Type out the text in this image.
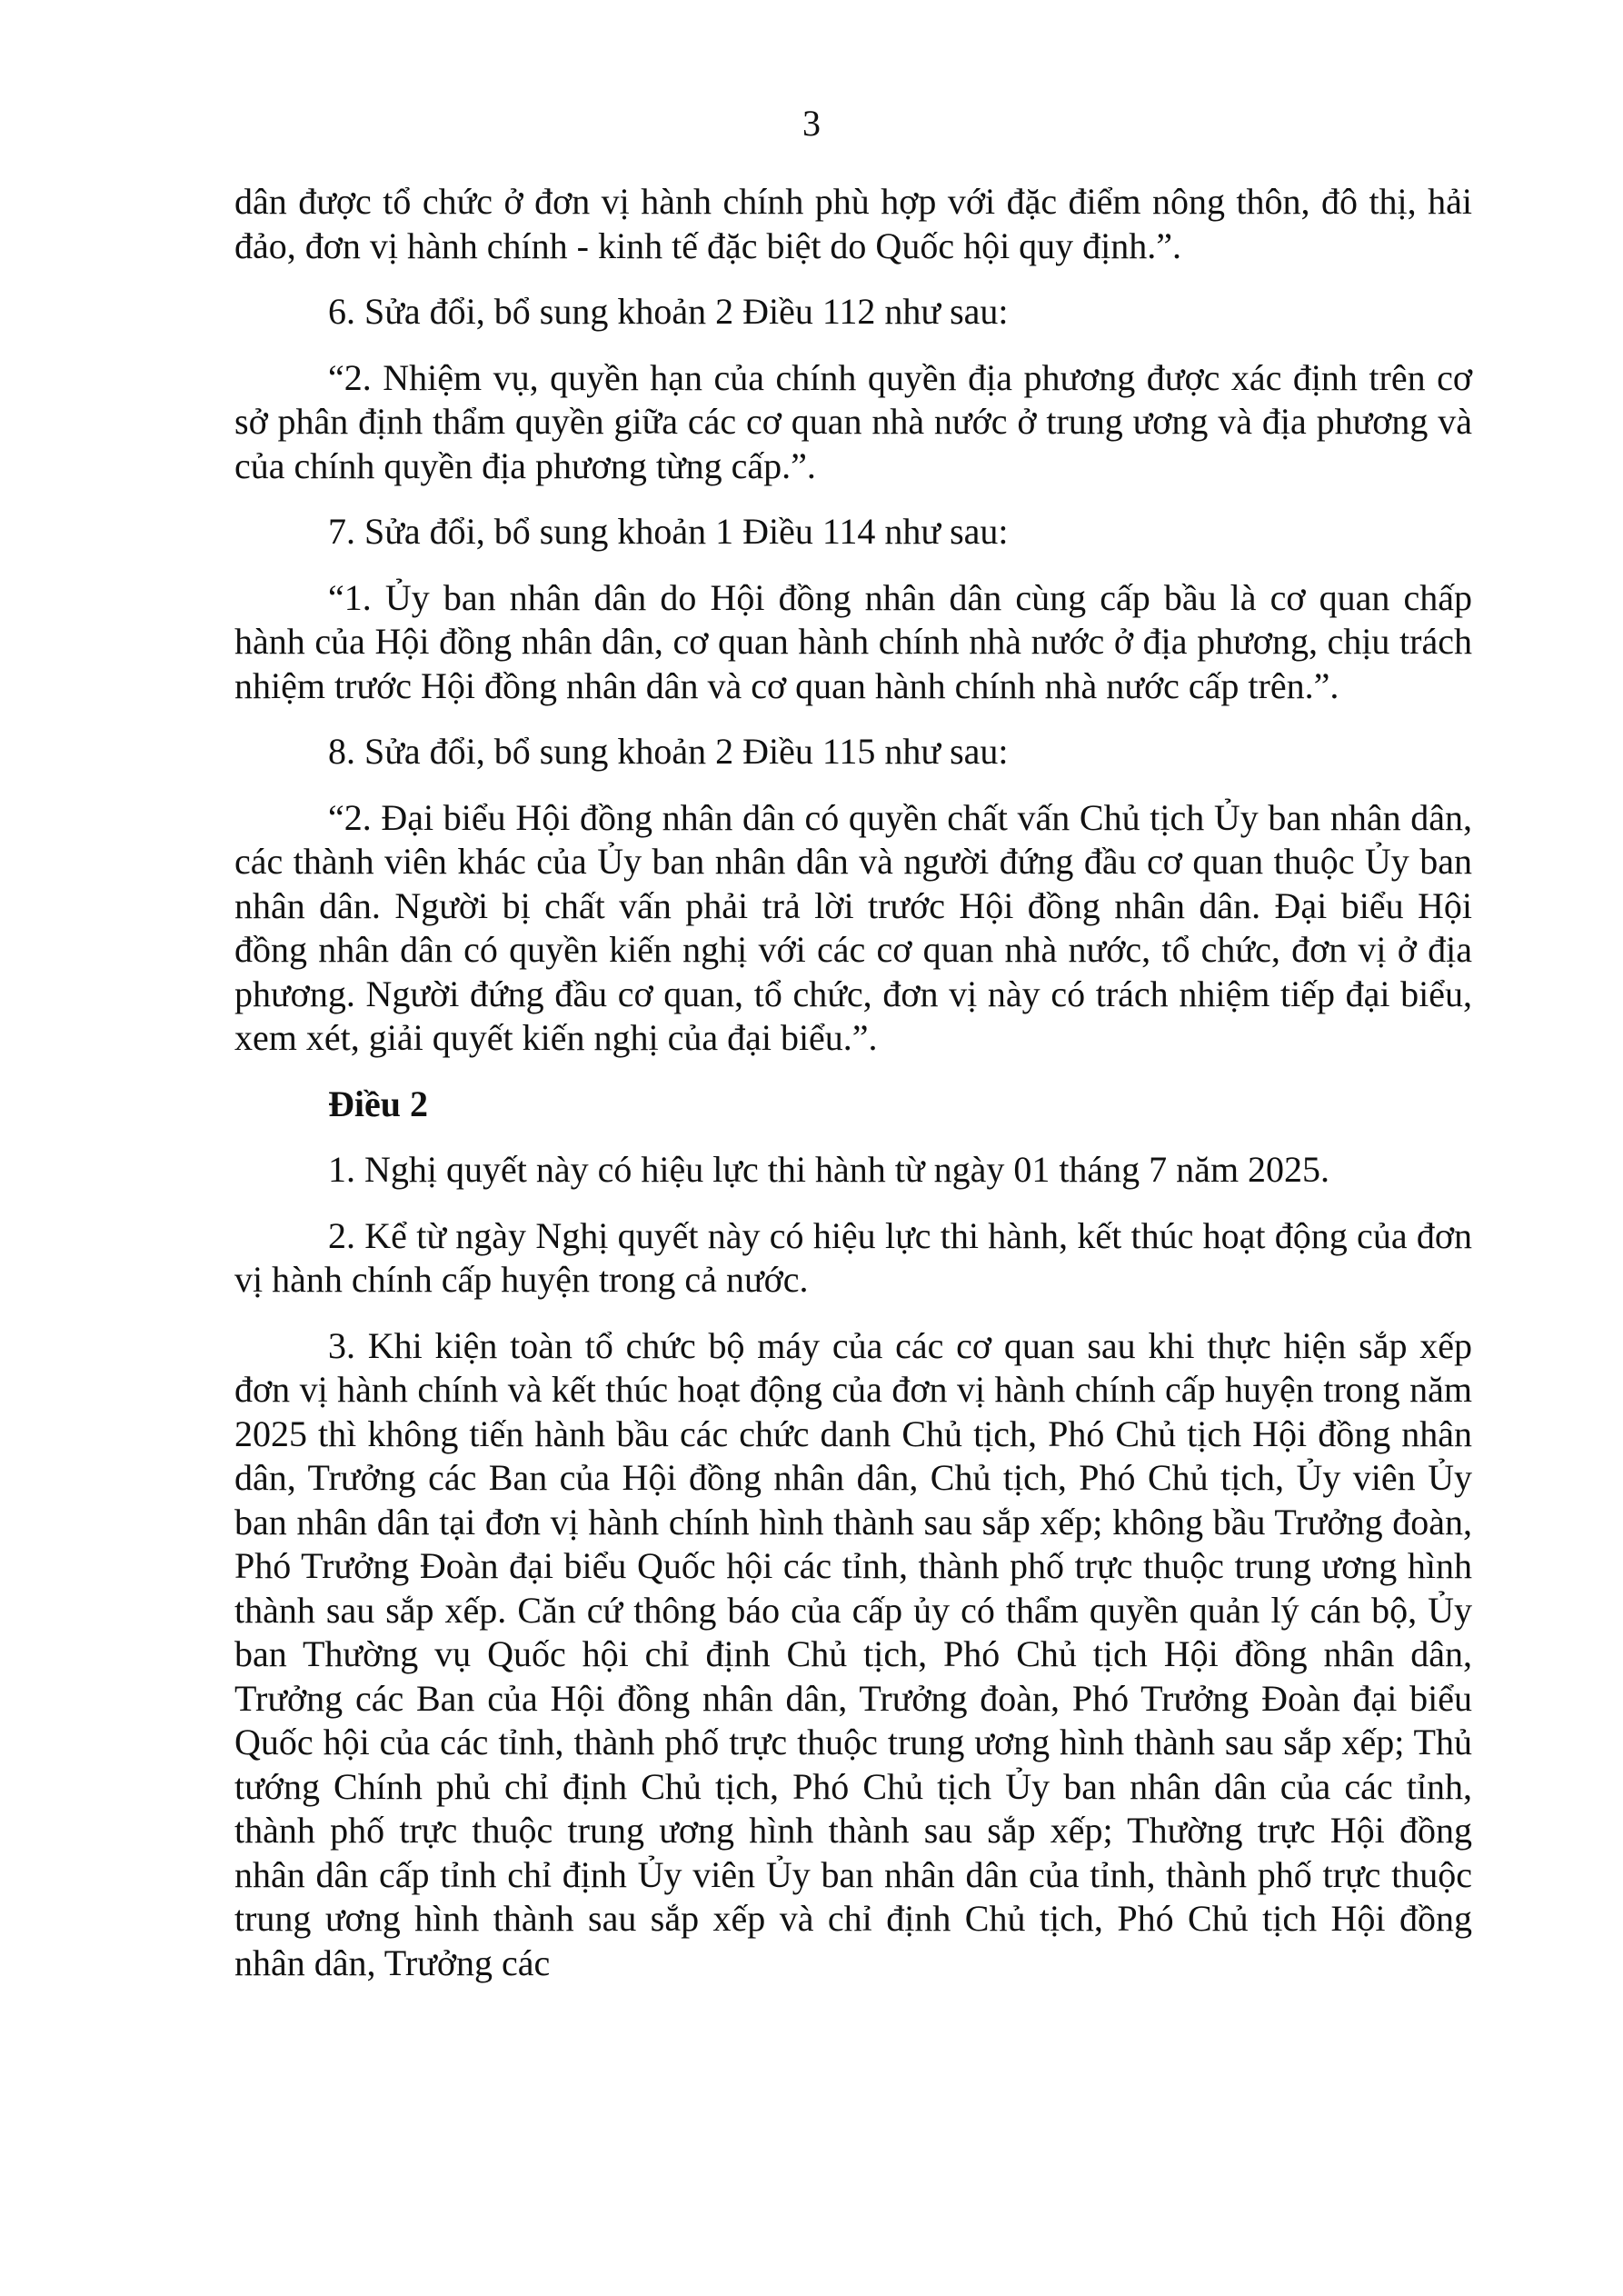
3

dân được tổ chức ở đơn vị hành chính phù hợp với đặc điểm nông thôn, đô thị, hải đảo, đơn vị hành chính - kinh tế đặc biệt do Quốc hội quy định.”.

6. Sửa đổi, bổ sung khoản 2 Điều 112 như sau:

“2. Nhiệm vụ, quyền hạn của chính quyền địa phương được xác định trên cơ sở phân định thẩm quyền giữa các cơ quan nhà nước ở trung ương và địa phương và của chính quyền địa phương từng cấp.”.

7. Sửa đổi, bổ sung khoản 1 Điều 114 như sau:

“1. Ủy ban nhân dân do Hội đồng nhân dân cùng cấp bầu là cơ quan chấp hành của Hội đồng nhân dân, cơ quan hành chính nhà nước ở địa phương, chịu trách nhiệm trước Hội đồng nhân dân và cơ quan hành chính nhà nước cấp trên.”.

8. Sửa đổi, bổ sung khoản 2 Điều 115 như sau:

“2. Đại biểu Hội đồng nhân dân có quyền chất vấn Chủ tịch Ủy ban nhân dân, các thành viên khác của Ủy ban nhân dân và người đứng đầu cơ quan thuộc Ủy ban nhân dân. Người bị chất vấn phải trả lời trước Hội đồng nhân dân. Đại biểu Hội đồng nhân dân có quyền kiến nghị với các cơ quan nhà nước, tổ chức, đơn vị ở địa phương. Người đứng đầu cơ quan, tổ chức, đơn vị này có trách nhiệm tiếp đại biểu, xem xét, giải quyết kiến nghị của đại biểu.”.

Điều 2

1. Nghị quyết này có hiệu lực thi hành từ ngày 01 tháng 7 năm 2025.

2. Kể từ ngày Nghị quyết này có hiệu lực thi hành, kết thúc hoạt động của đơn vị hành chính cấp huyện trong cả nước.

3. Khi kiện toàn tổ chức bộ máy của các cơ quan sau khi thực hiện sắp xếp đơn vị hành chính và kết thúc hoạt động của đơn vị hành chính cấp huyện trong năm 2025 thì không tiến hành bầu các chức danh Chủ tịch, Phó Chủ tịch Hội đồng nhân dân, Trưởng các Ban của Hội đồng nhân dân, Chủ tịch, Phó Chủ tịch, Ủy viên Ủy ban nhân dân tại đơn vị hành chính hình thành sau sắp xếp; không bầu Trưởng đoàn, Phó Trưởng Đoàn đại biểu Quốc hội các tỉnh, thành phố trực thuộc trung ương hình thành sau sắp xếp. Căn cứ thông báo của cấp ủy có thẩm quyền quản lý cán bộ, Ủy ban Thường vụ Quốc hội chỉ định Chủ tịch, Phó Chủ tịch Hội đồng nhân dân, Trưởng các Ban của Hội đồng nhân dân, Trưởng đoàn, Phó Trưởng Đoàn đại biểu Quốc hội của các tỉnh, thành phố trực thuộc trung ương hình thành sau sắp xếp; Thủ tướng Chính phủ chỉ định Chủ tịch, Phó Chủ tịch Ủy ban nhân dân của các tỉnh, thành phố trực thuộc trung ương hình thành sau sắp xếp; Thường trực Hội đồng nhân dân cấp tỉnh chỉ định Ủy viên Ủy ban nhân dân của tỉnh, thành phố trực thuộc trung ương hình thành sau sắp xếp và chỉ định Chủ tịch, Phó Chủ tịch Hội đồng nhân dân, Trưởng các
